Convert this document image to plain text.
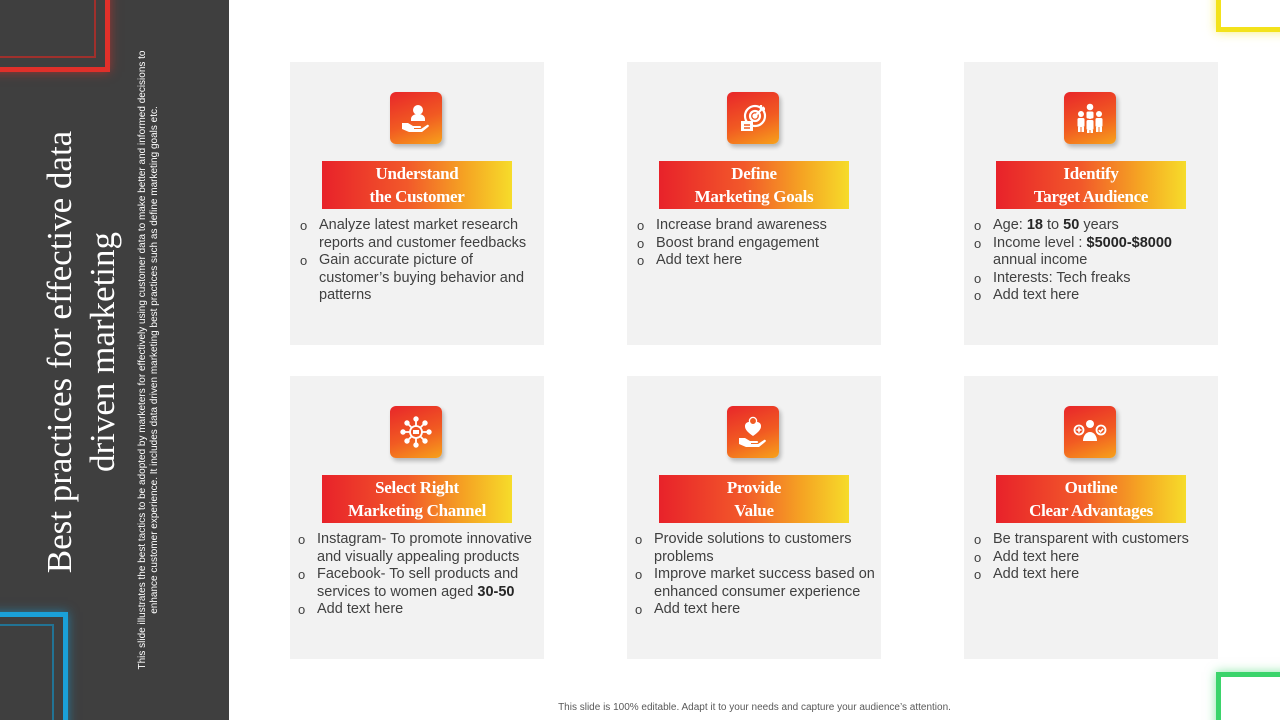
Best practices for effective data driven marketing This slide illustrates the best tactics to be adopted by marketers for effectively using customer data to make better and informed decisions to enhance customer experience. It includes data driven marketing best practices such as define marketing goals etc.	Understand
the Customer
o Analyze latest market research reports and customer feedbacks
o Gain accurate picture of customer’s buying behavior and patterns
Define
Marketing Goals
o Increase brand awareness
o Boost brand engagement
o Add text here
Identify
Target Audience
o Age: 18 to 50 years
o Income level : $5000-$8000
annual income
o Interests: Tech freaks
o Add text here
Select Right
Marketing Channel
o Instagram- To promote innovative and visually appealing products
o Facebook- To sell products and services to women aged 30-50
o Add text here
Provide
Value
o Provide solutions to customers problems
o Improve market success based on enhanced consumer experience
o Add text here
Outline
Clear Advantages
o Be transparent with customers
o Add text here
o Add text here
This slide is 100% editable. Adapt it to your needs and capture your audience’s attention.
